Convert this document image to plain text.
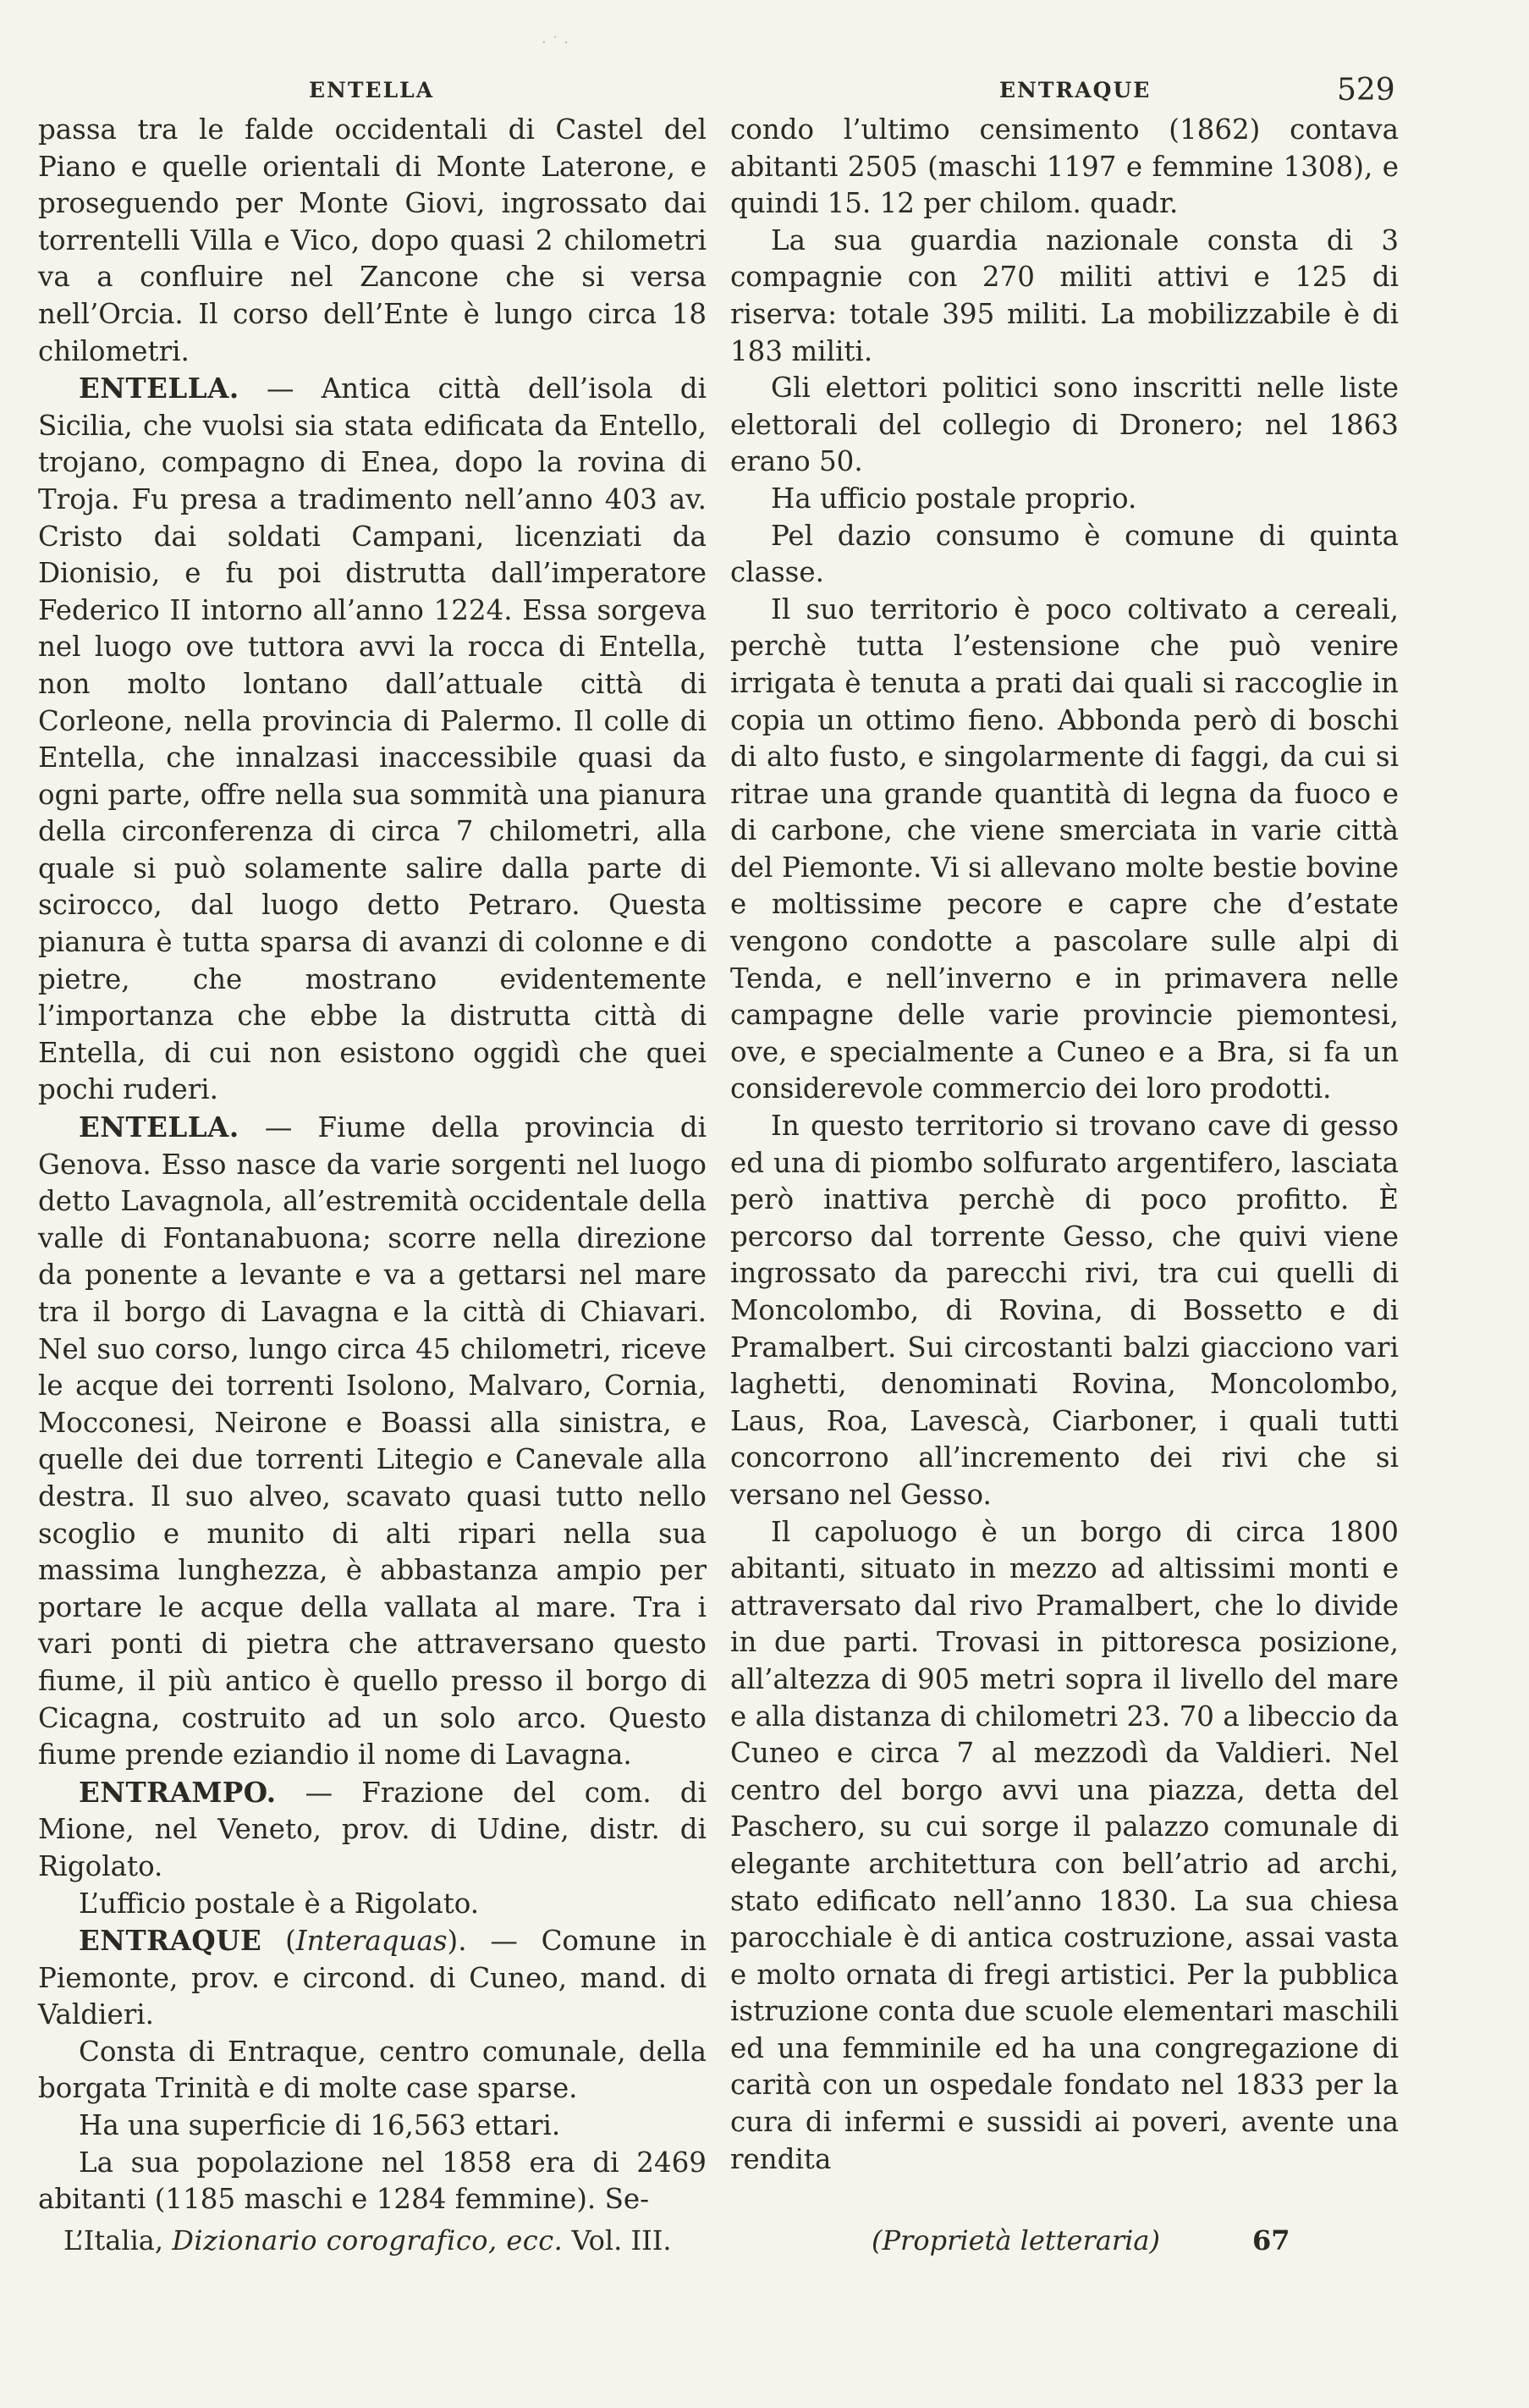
· ˙ ·
ENTELLA	ENTRAQUE	529

passa tra le falde occidentali di Castel del Piano e quelle orientali di Monte Laterone, e proseguendo per Monte Giovi, ingrossato dai torrentelli Villa e Vico, dopo quasi 2 chilometri va a confluire nel Zancone che si versa nell’Orcia. Il corso dell’Ente è lungo circa 18 chilometri.

ENTELLA. — Antica città dell’isola di Sicilia, che vuolsi sia stata edificata da Entello, trojano, compagno di Enea, dopo la rovina di Troja. Fu presa a tradimento nell’anno 403 av. Cristo dai soldati Campani, licenziati da Dionisio, e fu poi distrutta dall’imperatore Federico II intorno all’anno 1224. Essa sorgeva nel luogo ove tuttora avvi la rocca di Entella, non molto lontano dall’attuale città di Corleone, nella provincia di Palermo. Il colle di Entella, che innalzasi inaccessibile quasi da ogni parte, offre nella sua sommità una pianura della circonferenza di circa 7 chilometri, alla quale si può solamente salire dalla parte di scirocco, dal luogo detto Petraro. Questa pianura è tutta sparsa di avanzi di colonne e di pietre, che mostrano evidentemente l’importanza che ebbe la distrutta città di Entella, di cui non esistono oggidì che quei pochi ruderi.

ENTELLA. — Fiume della provincia di Genova. Esso nasce da varie sorgenti nel luogo detto Lavagnola, all’estremità occidentale della valle di Fontanabuona; scorre nella direzione da ponente a levante e va a gettarsi nel mare tra il borgo di Lavagna e la città di Chiavari. Nel suo corso, lungo circa 45 chilometri, riceve le acque dei torrenti Isolono, Malvaro, Cornia, Mocconesi, Neirone e Boassi alla sinistra, e quelle dei due torrenti Litegio e Canevale alla destra. Il suo alveo, scavato quasi tutto nello scoglio e munito di alti ripari nella sua massima lunghezza, è abbastanza ampio per portare le acque della vallata al mare. Tra i vari ponti di pietra che attraversano questo fiume, il più antico è quello presso il borgo di Cicagna, costruito ad un solo arco. Questo fiume prende eziandio il nome di Lavagna.

ENTRAMPO. — Frazione del com. di Mione, nel Veneto, prov. di Udine, distr. di Rigolato.

L’ufficio postale è a Rigolato.

ENTRAQUE (Interaquas). — Comune in Piemonte, prov. e circond. di Cuneo, mand. di Valdieri.

Consta di Entraque, centro comunale, della borgata Trinità e di molte case sparse.

Ha una superficie di 16,563 ettari.

La sua popolazione nel 1858 era di 2469 abitanti (1185 maschi e 1284 femmine). Se-

condo l’ultimo censimento (1862) contava abitanti 2505 (maschi 1197 e femmine 1308), e quindi 15. 12 per chilom. quadr.

La sua guardia nazionale consta di 3 compagnie con 270 militi attivi e 125 di riserva: totale 395 militi. La mobilizzabile è di 183 militi.

Gli elettori politici sono inscritti nelle liste elettorali del collegio di Dronero; nel 1863 erano 50.

Ha ufficio postale proprio.

Pel dazio consumo è comune di quinta classe.

Il suo territorio è poco coltivato a cereali, perchè tutta l’estensione che può venire irrigata è tenuta a prati dai quali si raccoglie in copia un ottimo fieno. Abbonda però di boschi di alto fusto, e singolarmente di faggi, da cui si ritrae una grande quantità di legna da fuoco e di carbone, che viene smerciata in varie città del Piemonte. Vi si allevano molte bestie bovine e moltissime pecore e capre che d’estate vengono condotte a pascolare sulle alpi di Tenda, e nell’inverno e in primavera nelle campagne delle varie provincie piemontesi, ove, e specialmente a Cuneo e a Bra, si fa un considerevole commercio dei loro prodotti.

In questo territorio si trovano cave di gesso ed una di piombo solfurato argentifero, lasciata però inattiva perchè di poco profitto. È percorso dal torrente Gesso, che quivi viene ingrossato da parecchi rivi, tra cui quelli di Moncolombo, di Rovina, di Bossetto e di Pramalbert. Sui circostanti balzi giacciono vari laghetti, denominati Rovina, Moncolombo, Laus, Roa, Lavescà, Ciarboner, i quali tutti concorrono all’incremento dei rivi che si versano nel Gesso.

Il capoluogo è un borgo di circa 1800 abitanti, situato in mezzo ad altissimi monti e attraversato dal rivo Pramalbert, che lo divide in due parti. Trovasi in pittoresca posizione, all’altezza di 905 metri sopra il livello del mare e alla distanza di chilometri 23. 70 a libeccio da Cuneo e circa 7 al mezzodì da Valdieri. Nel centro del borgo avvi una piazza, detta del Paschero, su cui sorge il palazzo comunale di elegante architettura con bell’atrio ad archi, stato edificato nell’anno 1830. La sua chiesa parocchiale è di antica costruzione, assai vasta e molto ornata di fregi artistici. Per la pubblica istruzione conta due scuole elementari maschili ed una femminile ed ha una congregazione di carità con un ospedale fondato nel 1833 per la cura di infermi e sussidi ai poveri, avente una rendita

L’Italia, Dizionario corografico, ecc. Vol. III.	(Proprietà letteraria)	67
